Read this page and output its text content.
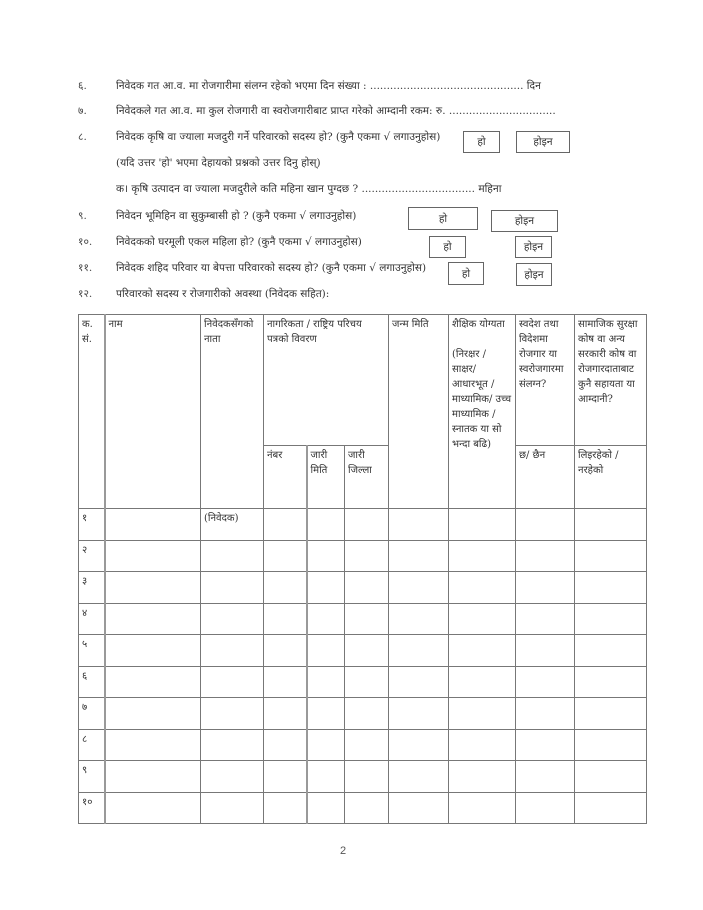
६.	निवेदक गत आ.व. मा रोजगारीमा संलग्न रहेको भएमा दिन संख्या : .............................................. दिन
७.	निवेदकले गत आ.व. मा कुल रोजगारी वा स्वरोजगारीबाट प्राप्त गरेको आम्दानी रकम: रु. ................................
८.	निवेदक कृषि वा ज्याला मजदुरी गर्ने परिवारको सदस्य हो? (कुनै एकमा √ लगाउनुहोस)	हो	होइन
(यदि उत्तर 'हो' भएमा देहायको प्रश्नको उत्तर दिनु होस्)
क। कृषि उत्पादन वा ज्याला मजदुरीले कति महिना खान पुग्दछ ? .................................. महिना
९.	निवेदन भूमिहिन वा सुकुम्बासी हो ? (कुनै एकमा √ लगाउनुहोस)	हो	होइन
१०. निवेदकको घरमूली एकल महिला हो? (कुनै एकमा √ लगाउनुहोस)	हो	होइन
११. निवेदक शहिद परिवार या बेपत्ता परिवारको सदस्य हो? (कुनै एकमा √ लगाउनुहोस)	हो	होइन
१२. परिवारको सदस्य र रोजगारीको अवस्था (निवेदक सहित):
क. सं.	नाम	निवेदकसँगको नाता	नागरिकता / राष्ट्रिय परिचय पत्रको विवरण			जन्म मिति	शैक्षिक योग्यता
(निरक्षर / साक्षर/ आधारभूत / माध्यामिक/ उच्च माध्यामिक / स्नातक या सो भन्दा बढि)	स्वदेश तथा विदेशमा रोजगार या स्वरोजगारमा संलग्न?	सामाजिक सुरक्षा कोष वा अन्य सरकारी कोष वा रोजगारदाताबाट कुनै सहायता या आम्दानी?
			नंबर	जारी मिति	जारी जिल्ला			छ/ छैन	लिइरहेको / नरहेको
१		(निवेदक)							
२									
३									
४									
५									
६									
७									
८									
९									
१०									
2
